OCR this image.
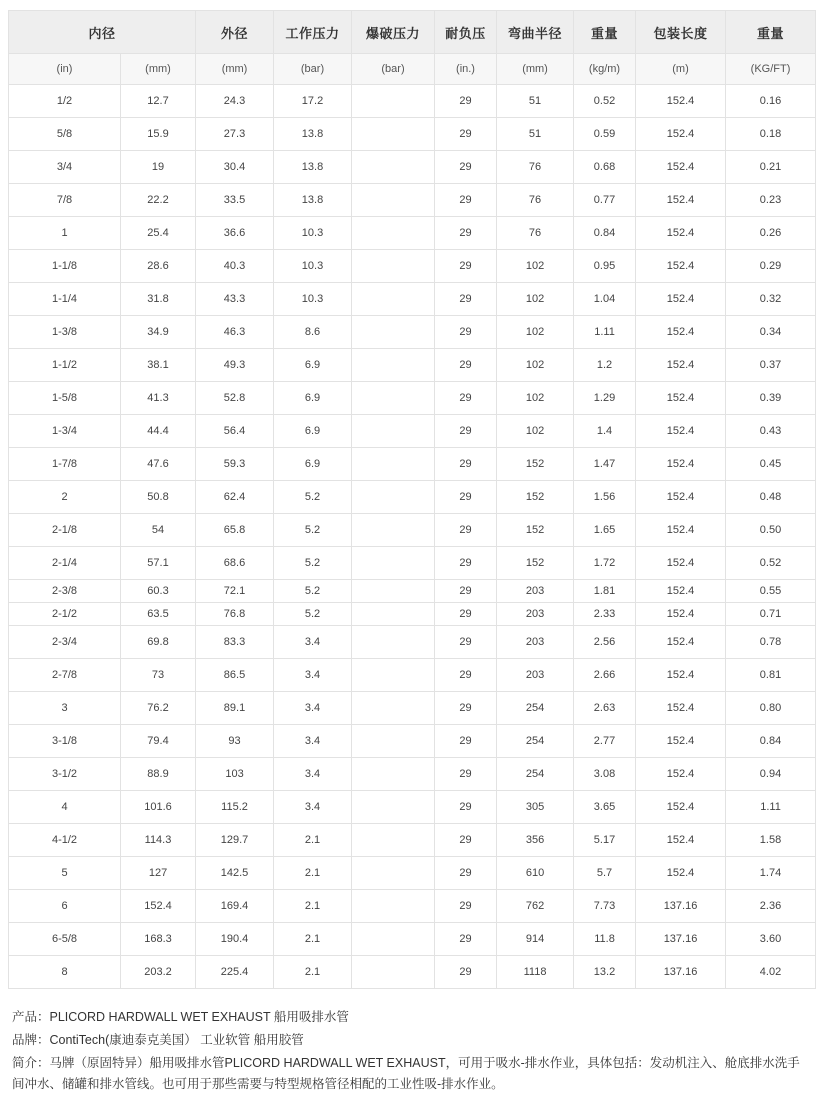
内径		外径	工作压力	爆破压力	耐负压	弯曲半径	重量	包装长度	重量
(in)	(mm)	(mm)	(bar)	(bar)	(in.)	(mm)	(kg/m)	(m)	(KG/FT)
1/2	12.7	24.3	17.2		29	51	0.52	152.4	0.16
5/8	15.9	27.3	13.8		29	51	0.59	152.4	0.18
3/4	19	30.4	13.8		29	76	0.68	152.4	0.21
7/8	22.2	33.5	13.8		29	76	0.77	152.4	0.23
1	25.4	36.6	10.3		29	76	0.84	152.4	0.26
1-1/8	28.6	40.3	10.3		29	102	0.95	152.4	0.29
1-1/4	31.8	43.3	10.3		29	102	1.04	152.4	0.32
1-3/8	34.9	46.3	8.6		29	102	1.11	152.4	0.34
1-1/2	38.1	49.3	6.9		29	102	1.2	152.4	0.37
1-5/8	41.3	52.8	6.9		29	102	1.29	152.4	0.39
1-3/4	44.4	56.4	6.9		29	102	1.4	152.4	0.43
1-7/8	47.6	59.3	6.9		29	152	1.47	152.4	0.45
2	50.8	62.4	5.2		29	152	1.56	152.4	0.48
2-1/8	54	65.8	5.2		29	152	1.65	152.4	0.50
2-1/4	57.1	68.6	5.2		29	152	1.72	152.4	0.52
2-3/8	60.3	72.1	5.2		29	203	1.81	152.4	0.55
2-1/2	63.5	76.8	5.2		29	203	2.33	152.4	0.71
2-3/4	69.8	83.3	3.4		29	203	2.56	152.4	0.78
2-7/8	73	86.5	3.4		29	203	2.66	152.4	0.81
3	76.2	89.1	3.4		29	254	2.63	152.4	0.80
3-1/8	79.4	93	3.4		29	254	2.77	152.4	0.84
3-1/2	88.9	103	3.4		29	254	3.08	152.4	0.94
4	101.6	115.2	3.4		29	305	3.65	152.4	1.11
4-1/2	114.3	129.7	2.1		29	356	5.17	152.4	1.58
5	127	142.5	2.1		29	610	5.7	152.4	1.74
6	152.4	169.4	2.1		29	762	7.73	137.16	2.36
6-5/8	168.3	190.4	2.1		29	914	11.8	137.16	3.60
8	203.2	225.4	2.1		29	1118	13.2	137.16	4.02

产品：PLICORD HARDWALL WET EXHAUST 船用吸排水管

品牌：ContiTech(康迪泰克美国） 工业软管 船用胶管

简介：马牌（原固特异）船用吸排水管PLICORD HARDWALL WET EXHAUST，可用于吸水-排水作业，具体包括：发动机注入、舱底排水洗手间冲水、储罐和排水管线。也可用于那些需要与特型规格管径相配的工业性吸-排水作业。
